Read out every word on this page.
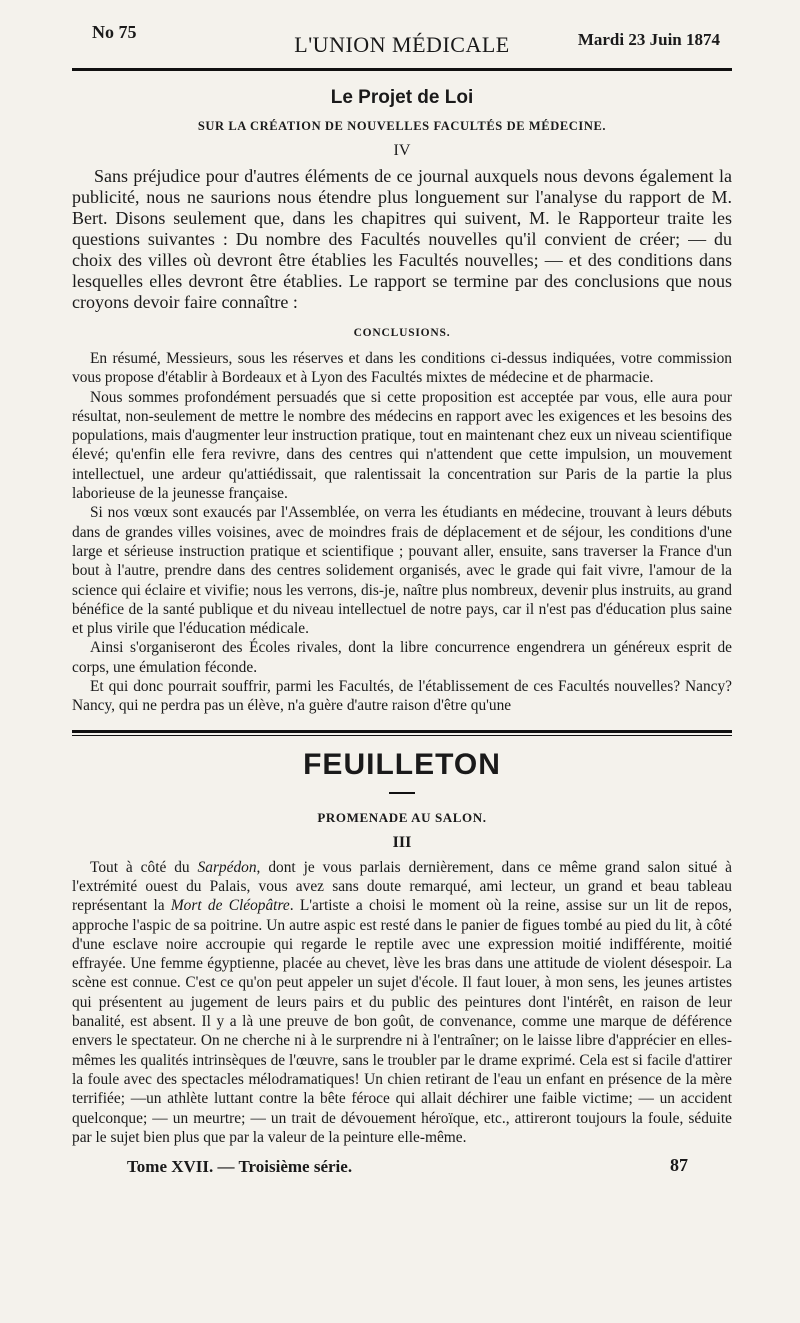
No 75	L'UNION MÉDICALE	Mardi 23 Juin 1874
Le Projet de Loi
SUR LA CRÉATION DE NOUVELLES FACULTÉS DE MÉDECINE.
IV

Sans préjudice pour d'autres éléments de ce journal auxquels nous devons également la publicité, nous ne saurions nous étendre plus longuement sur l'analyse du rapport de M. Bert. Disons seulement que, dans les chapitres qui suivent, M. le Rapporteur traite les questions suivantes : Du nombre des Facultés nouvelles qu'il convient de créer; — du choix des villes où devront être établies les Facultés nouvelles; — et des conditions dans lesquelles elles devront être établies. Le rapport se termine par des conclusions que nous croyons devoir faire connaître :

CONCLUSIONS.

En résumé, Messieurs, sous les réserves et dans les conditions ci-dessus indiquées, votre commission vous propose d'établir à Bordeaux et à Lyon des Facultés mixtes de médecine et de pharmacie.

Nous sommes profondément persuadés que si cette proposition est acceptée par vous, elle aura pour résultat, non-seulement de mettre le nombre des médecins en rapport avec les exigences et les besoins des populations, mais d'augmenter leur instruction pratique, tout en maintenant chez eux un niveau scientifique élevé; qu'enfin elle fera revivre, dans des centres qui n'attendent que cette impulsion, un mouvement intellectuel, une ardeur qu'attiédissait, que ralentissait la concentration sur Paris de la partie la plus laborieuse de la jeunesse française.

Si nos vœux sont exaucés par l'Assemblée, on verra les étudiants en médecine, trouvant à leurs débuts dans de grandes villes voisines, avec de moindres frais de déplacement et de séjour, les conditions d'une large et sérieuse instruction pratique et scientifique ; pouvant aller, ensuite, sans traverser la France d'un bout à l'autre, prendre dans des centres solidement organisés, avec le grade qui fait vivre, l'amour de la science qui éclaire et vivifie; nous les verrons, dis-je, naître plus nombreux, devenir plus instruits, au grand bénéfice de la santé publique et du niveau intellectuel de notre pays, car il n'est pas d'éducation plus saine et plus virile que l'éducation médicale.

Ainsi s'organiseront des Écoles rivales, dont la libre concurrence engendrera un généreux esprit de corps, une émulation féconde.

Et qui donc pourrait souffrir, parmi les Facultés, de l'établissement de ces Facultés nouvelles? Nancy? Nancy, qui ne perdra pas un élève, n'a guère d'autre raison d'être qu'une

FEUILLETON
PROMENADE AU SALON.
III

Tout à côté du Sarpédon, dont je vous parlais dernièrement, dans ce même grand salon situé à l'extrémité ouest du Palais, vous avez sans doute remarqué, ami lecteur, un grand et beau tableau représentant la Mort de Cléopâtre. L'artiste a choisi le moment où la reine, assise sur un lit de repos, approche l'aspic de sa poitrine. Un autre aspic est resté dans le panier de figues tombé au pied du lit, à côté d'une esclave noire accroupie qui regarde le reptile avec une expression moitié indifférente, moitié effrayée. Une femme égyptienne, placée au chevet, lève les bras dans une attitude de violent désespoir. La scène est connue. C'est ce qu'on peut appeler un sujet d'école. Il faut louer, à mon sens, les jeunes artistes qui présentent au jugement de leurs pairs et du public des peintures dont l'intérêt, en raison de leur banalité, est absent. Il y a là une preuve de bon goût, de convenance, comme une marque de déférence envers le spectateur. On ne cherche ni à le surprendre ni à l'entraîner; on le laisse libre d'apprécier en elles-mêmes les qualités intrinsèques de l'œuvre, sans le troubler par le drame exprimé. Cela est si facile d'attirer la foule avec des spectacles mélodramatiques! Un chien retirant de l'eau un enfant en présence de la mère terrifiée; —un athlète luttant contre la bête féroce qui allait déchirer une faible victime; — un accident quelconque; — un meurtre; — un trait de dévouement héroïque, etc., attireront toujours la foule, séduite par le sujet bien plus que par la valeur de la peinture elle-même.

Tome XVII. — Troisième série.	87
